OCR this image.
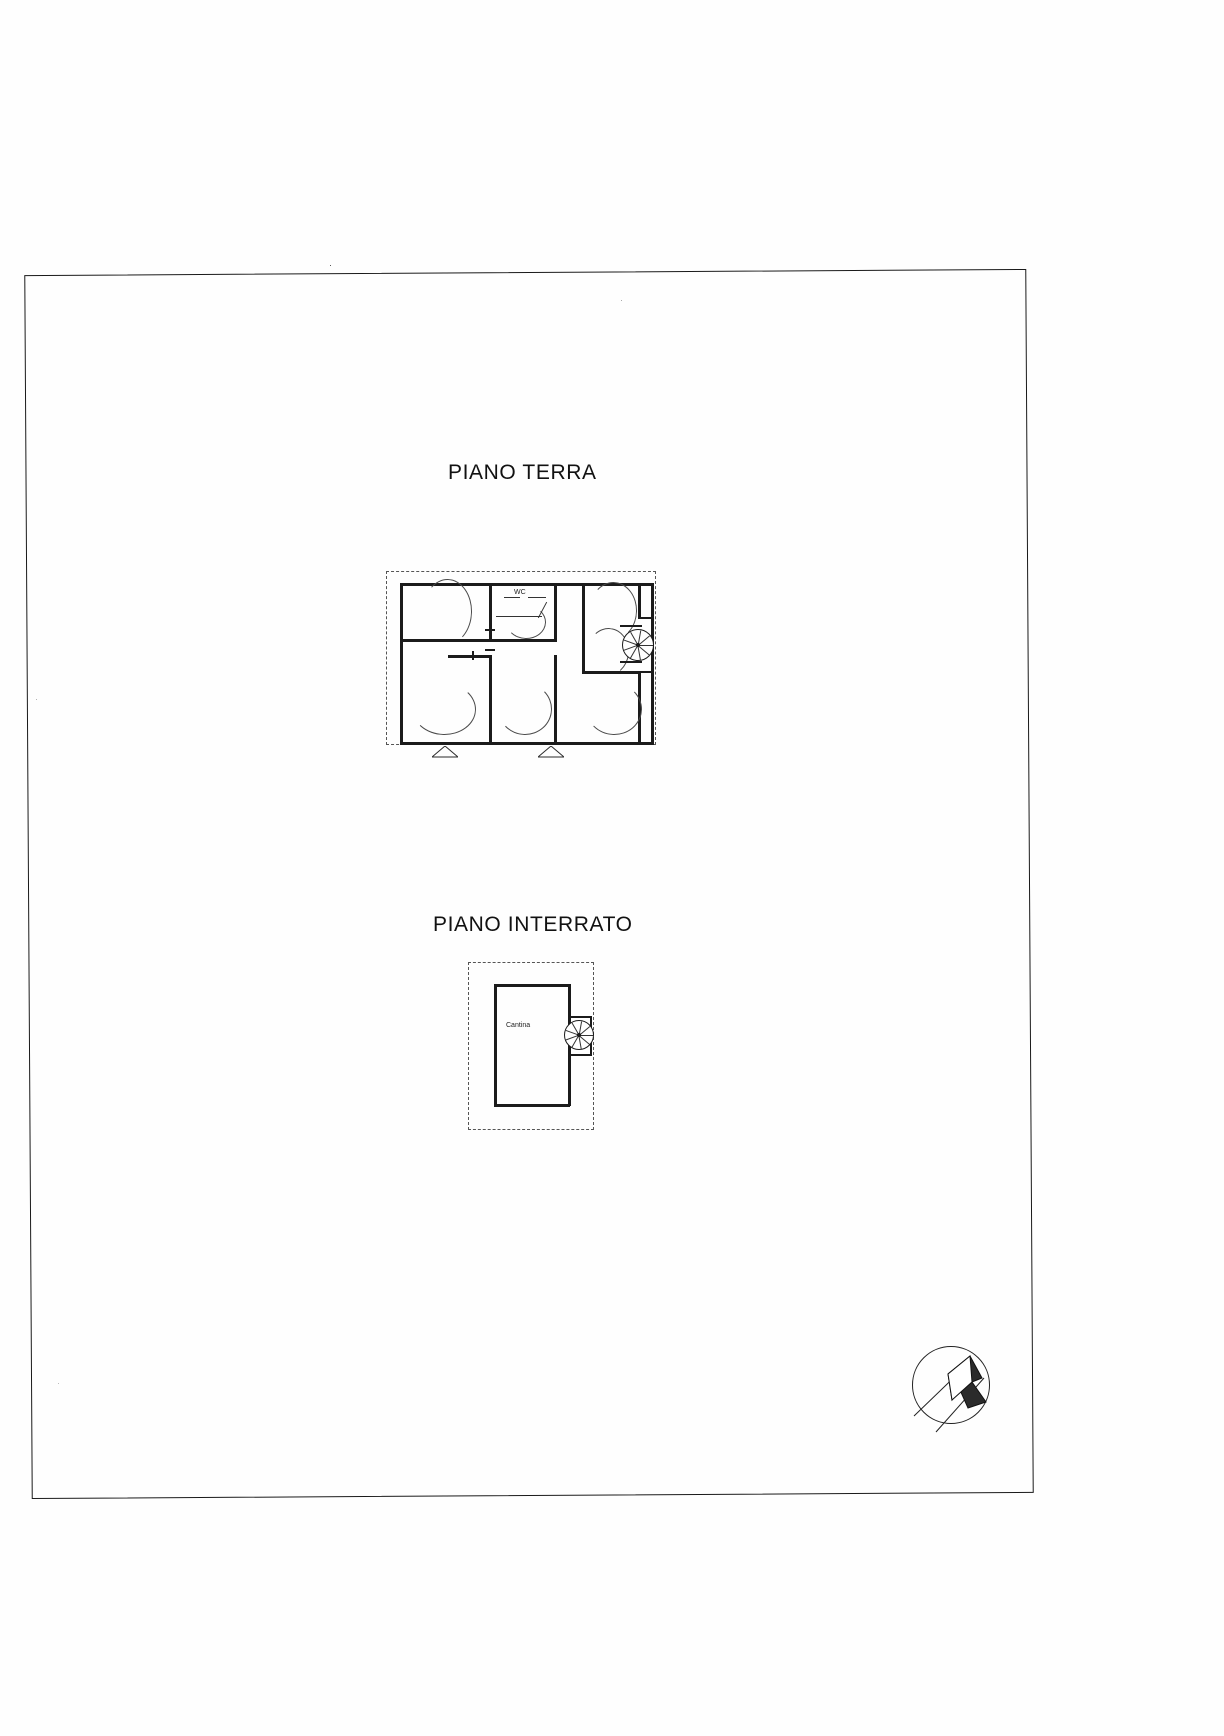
PIANO TERRA
PIANO INTERRATO
WC
Cantina
